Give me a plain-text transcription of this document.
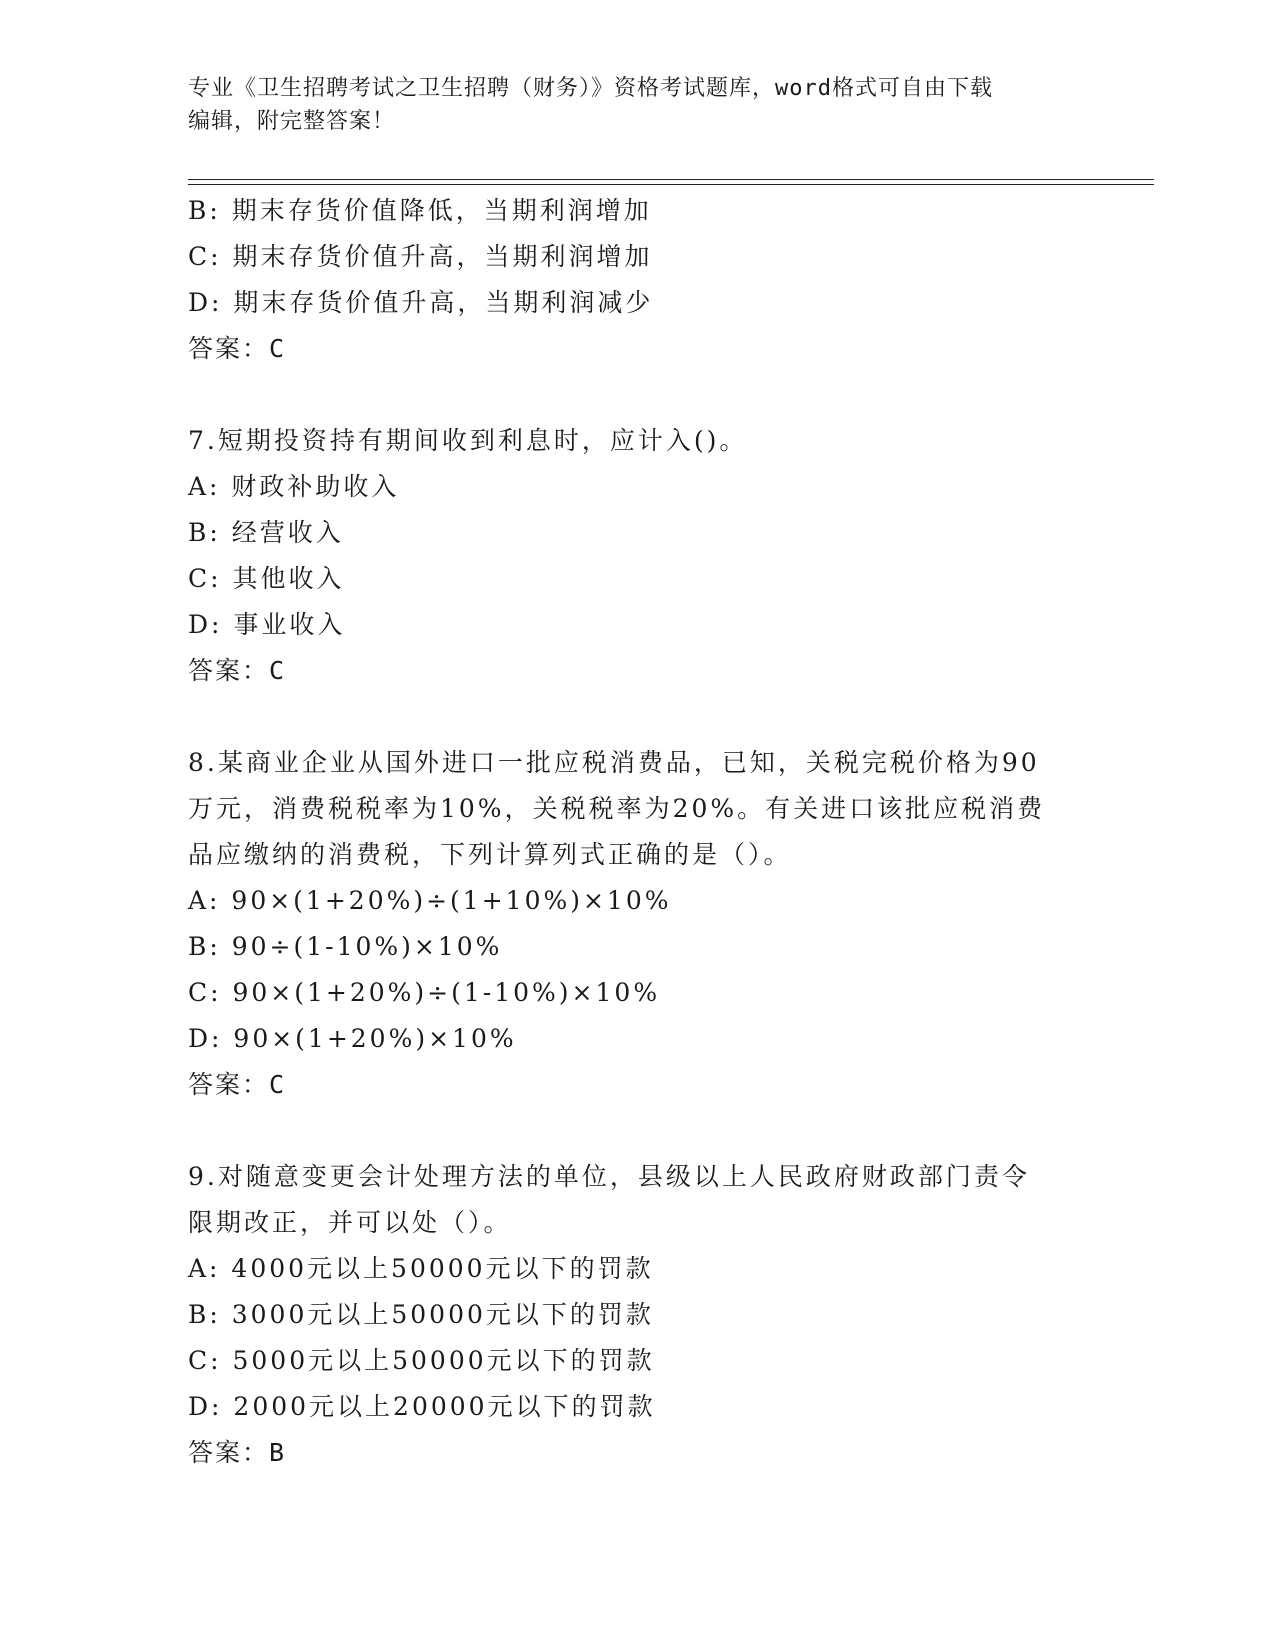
专业《卫生招聘考试之卫生招聘（财务）》资格考试题库，word格式可自由下载
编辑，附完整答案！
B: 期末存货价值降低，当期利润增加
C: 期末存货价值升高，当期利润增加
D: 期末存货价值升高，当期利润减少
答案：C
7.短期投资持有期间收到利息时，应计入()。
A: 财政补助收入
B: 经营收入
C: 其他收入
D: 事业收入
答案：C
8.某商业企业从国外进口一批应税消费品，已知，关税完税价格为90
万元，消费税税率为10%，关税税率为20%。有关进口该批应税消费
品应缴纳的消费税，下列计算列式正确的是（）。
A: 90×(1+20%)÷(1+10%)×10%
B: 90÷(1-10%)×10%
C: 90×(1+20%)÷(1-10%)×10%
D: 90×(1+20%)×10%
答案：C
9.对随意变更会计处理方法的单位，县级以上人民政府财政部门责令
限期改正，并可以处（）。
A: 4000元以上50000元以下的罚款
B: 3000元以上50000元以下的罚款
C: 5000元以上50000元以下的罚款
D: 2000元以上20000元以下的罚款
答案：B
